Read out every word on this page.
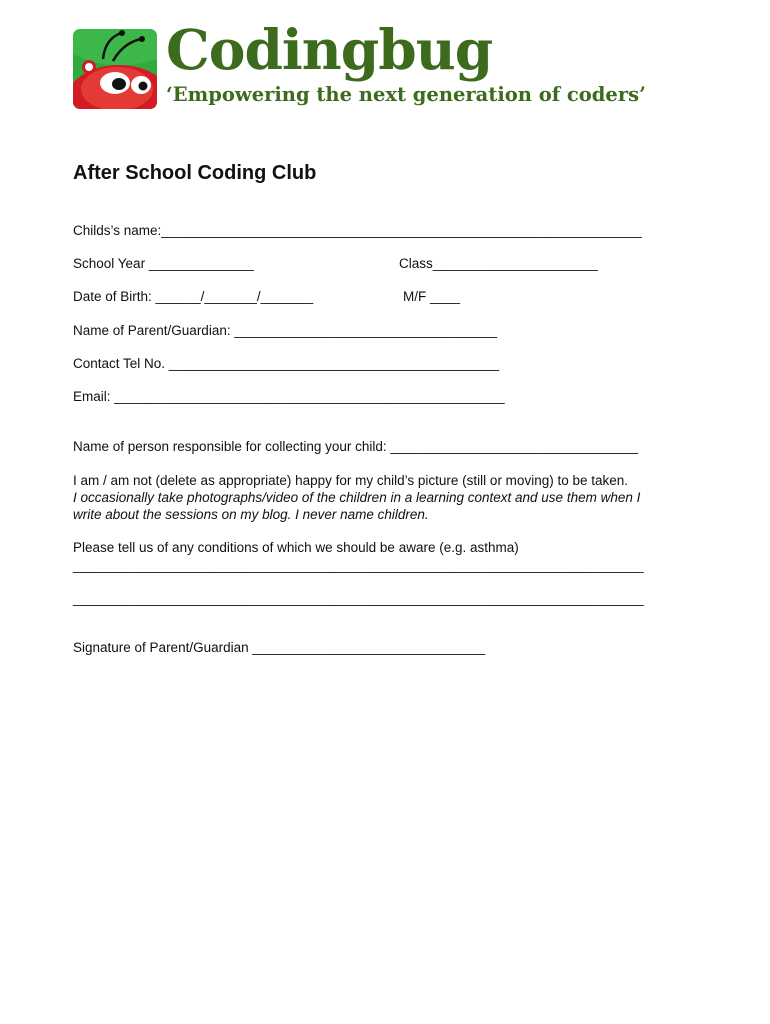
Codingbug
‘Empowering the next generation of coders’
After School Coding Club
Childs’s name:________________________________________________________________
School Year ______________	Class______________________
Date of Birth: ______/_______/_______	M/F ____
Name of Parent/Guardian: ___________________________________
Contact Tel No. ____________________________________________
Email: ____________________________________________________
Name of person responsible for collecting your child: _________________________________
I am / am not (delete as appropriate) happy for my child’s picture (still or moving) to be taken.
I occasionally take photographs/video of the children in a learning context and use them when I
write about the sessions on my blog. I never name children.
Please tell us of any conditions of which we should be aware (e.g. asthma)
____________________________________________________________________________
____________________________________________________________________________
Signature of Parent/Guardian _______________________________
